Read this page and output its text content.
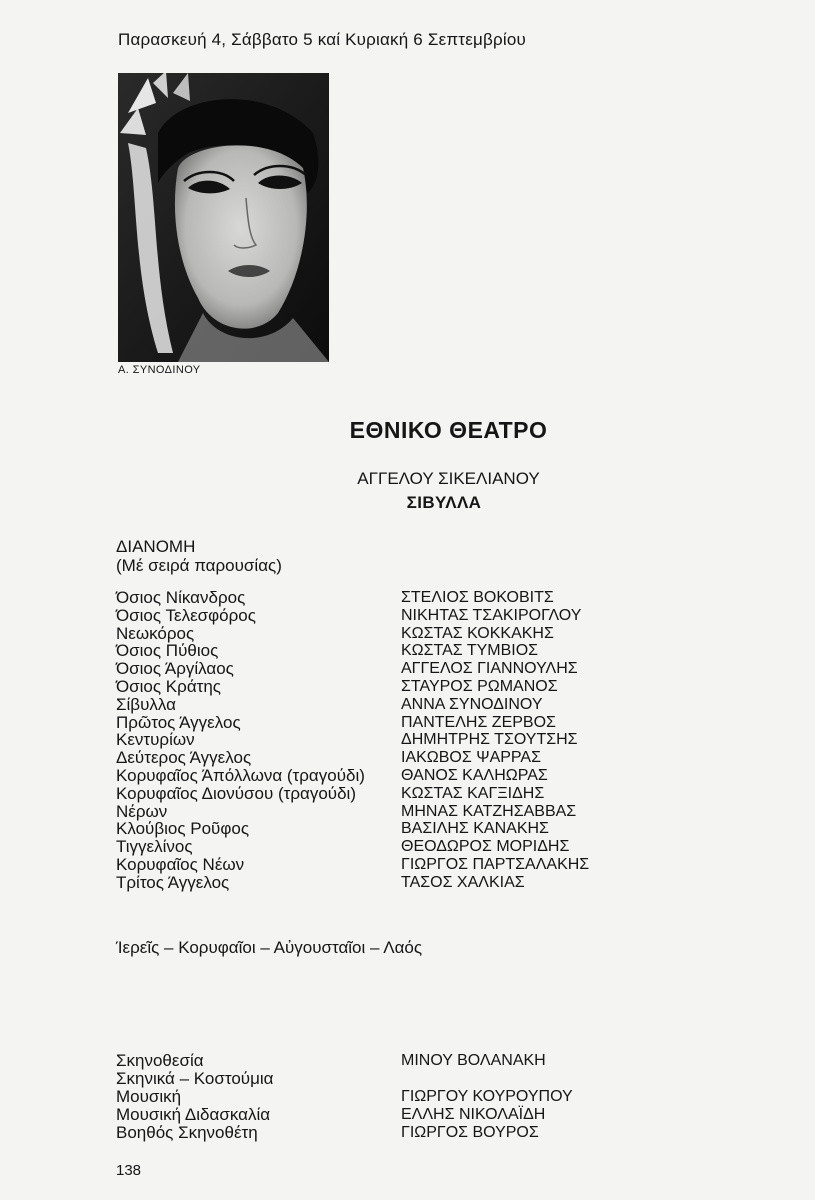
Παρασκευή 4, Σάββατο 5 καί Κυριακή 6 Σεπτεμβρίου
Α. ΣΥΝΟΔΙΝΟΥ
ΕΘΝΙΚΟ ΘΕΑΤΡΟ
ΑΓΓΕΛΟΥ ΣΙΚΕΛΙΑΝΟΥ
ΣΙΒΥΛΛΑ
ΔΙΑΝΟΜΗ
(Μέ σειρά παρουσίας)
Όσιος Νίκανδρος
Όσιος Τελεσφόρος
Νεωκόρος
Όσιος Πύθιος
Όσιος Άργίλαος
Όσιος Κράτης
Σίβυλλα
Πρῶτος Άγγελος
Κεντυρίων
Δεύτερος Άγγελος
Κορυφαῖος Άπόλλωνα (τραγούδι)
Κορυφαῖος Διονύσου (τραγούδι)
Νέρων
Κλούβιος Ροῦφος
Τιγγελίνος
Κορυφαῖος Νέων
Τρίτος Άγγελος
ΣΤΕΛΙΟΣ ΒΟΚΟΒΙΤΣ
ΝΙΚΗΤΑΣ ΤΣΑΚΙΡΟΓΛΟΥ
ΚΩΣΤΑΣ ΚΟΚΚΑΚΗΣ
ΚΩΣΤΑΣ ΤΥΜΒΙΟΣ
ΑΓΓΕΛΟΣ ΓΙΑΝΝΟΥΛΗΣ
ΣΤΑΥΡΟΣ ΡΩΜΑΝΟΣ
ΑΝΝΑ ΣΥΝΟΔΙΝΟΥ
ΠΑΝΤΕΛΗΣ ΖΕΡΒΟΣ
ΔΗΜΗΤΡΗΣ ΤΣΟΥΤΣΗΣ
ΙΑΚΩΒΟΣ ΨΑΡΡΑΣ
ΘΑΝΟΣ ΚΑΛΗΩΡΑΣ
ΚΩΣΤΑΣ ΚΑΓΞΙΔΗΣ
ΜΗΝΑΣ ΚΑΤΖΗΣΑΒΒΑΣ
ΒΑΣΙΛΗΣ ΚΑΝΑΚΗΣ
ΘΕΟΔΩΡΟΣ ΜΟΡΙΔΗΣ
ΓΙΩΡΓΟΣ ΠΑΡΤΣΑΛΑΚΗΣ
ΤΑΣΟΣ ΧΑΛΚΙΑΣ
Ίερεῖς – Κορυφαῖοι – Αὐγουσταῖοι – Λαός
Σκηνοθεσία
Σκηνικά – Κοστούμια
Μουσική
Μουσική Διδασκαλία
Βοηθός Σκηνοθέτη
ΜΙΝΟΥ ΒΟΛΑΝΑΚΗ
ΓΙΩΡΓΟΥ ΚΟΥΡΟΥΠΟΥ
ΕΛΛΗΣ ΝΙΚΟΛΑΪΔΗ
ΓΙΩΡΓΟΣ ΒΟΥΡΟΣ
138
